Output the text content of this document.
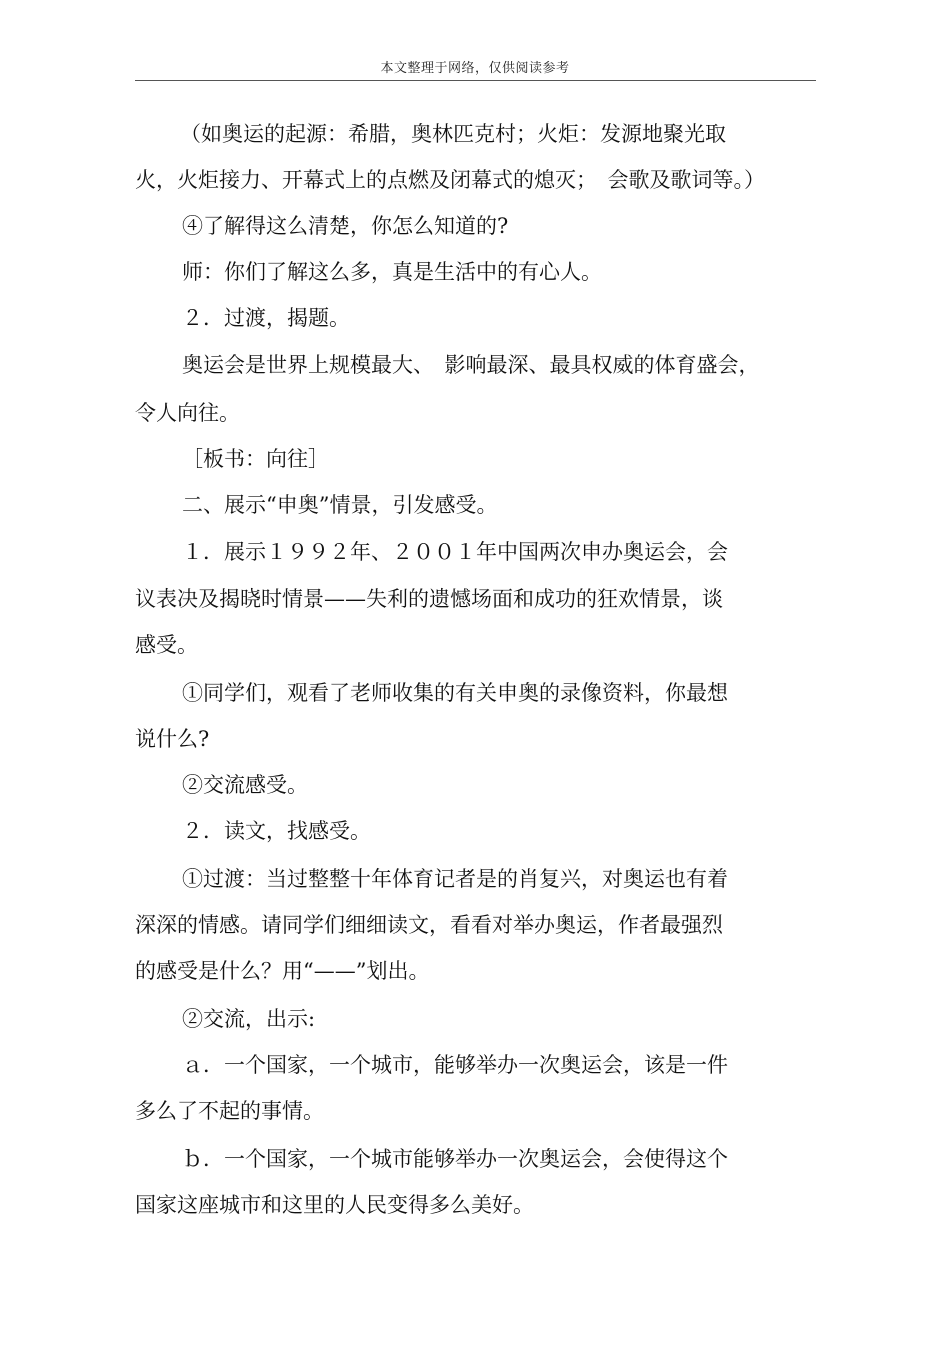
本文整理于网络，仅供阅读参考
（如奥运的起源：希腊，奥林匹克村；火炬：发源地聚光取
火，火炬接力、开幕式上的点燃及闭幕式的熄灭；　会歌及歌词等。）
④了解得这么清楚，你怎么知道的?
师：你们了解这么多，真是生活中的有心人。
２．过渡，揭题。
奥运会是世界上规模最大、　影响最深、最具权威的体育盛会，
令人向往。
［板书：向往］
二、展示“申奥”情景，引发感受。
１．展示１９９２年、２００１年中国两次申办奥运会，会
议表决及揭晓时情景——失利的遗憾场面和成功的狂欢情景，谈
感受。
①同学们，观看了老师收集的有关申奥的录像资料，你最想
说什么?
②交流感受。
２．读文，找感受。
①过渡：当过整整十年体育记者是的肖复兴，对奥运也有着
深深的情感。请同学们细细读文，看看对举办奥运，作者最强烈
的感受是什么？用“——”划出。
②交流，出示:
ａ．一个国家，一个城市，能够举办一次奥运会，该是一件
多么了不起的事情。
ｂ．一个国家，一个城市能够举办一次奥运会，会使得这个
国家这座城市和这里的人民变得多么美好。
